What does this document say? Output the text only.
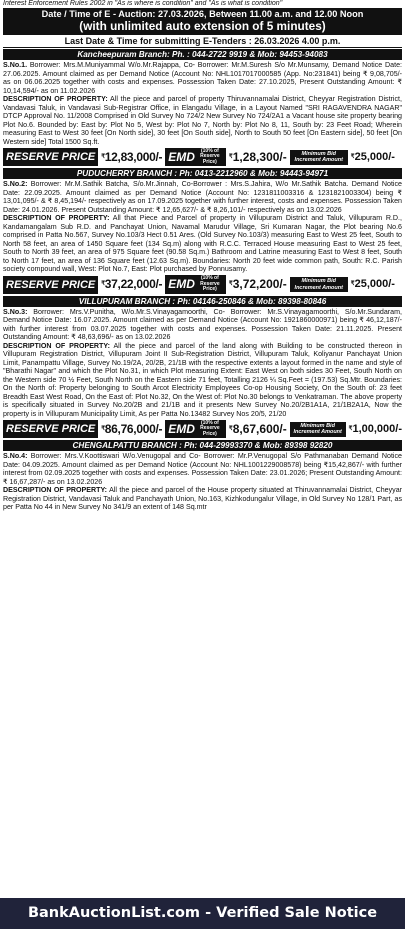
Interest Enforcement Rules 2002 in "As is where is condition" and "As is what is condition"
Date / Time of E - Auction: 27.03.2026, Between 11.00 a.m. and 12.00 Noon
(with unlimited auto extension of 5 minutes)
Last Date & Time for submitting E-Tenders : 26.03.2026 4.00 p.m.
Kancheepuram Branch: Ph. : 044-2722 9919 & Mob: 94453-94083

S.No.1. Borrower: Mrs.M.Muniyammal W/o.Mr.Rajappa, Co- Borrower: Mr.M.Suresh S/o Mr.Munsamy, Demand Notice Date: 27.06.2025. Amount claimed as per Demand Notice (Account No: NHL1017017000585 (App. No:231841) being ₹ 9,08,705/- as on 06.06.2025 together with costs and expenses. Possession Taken Date: 27.10.2025, Present Outstanding Amount: ₹ 10,14,594/- as on 11.02.2026

DESCRIPTION OF PROPERTY: All the piece and parcel of property Thiruvannamalai District, Cheyyar Registration District, Vandavasi Taluk, in Vandavasi Sub-Registrar Office, in Elangadu Village, in a Layout Named "SRI RAGAVENDRA NAGAR" DTCP Approval No. 11/2008 Comprised in Old Survey No 724/2 New Survey No 724/2A1 a Vacant house site property bearing Plot No.6. Bounded by: East by: Plot No 5, West by: Plot No 7, North by: Plot No 8, 11, South by: 23 Feet Road; Wherein measuring East to West 30 feet [On North side], 30 feet [On South side], North to South 50 feet [On Eastern side], 50 feet [On Western side] Total 1500 Sq.ft.

RESERVE PRICE	₹12,83,000/- EMD	(10% of Reserve Price)
₹1,28,300/-	Minimum Bid Increment Amount
₹25,000/-
PUDUCHERRY BRANCH : Ph: 0413-2212960 & Mob: 94443-94971

S.No.2: Borrower: Mr.M.Sathik Batcha, S/o.Mr.Jinnah, Co-Borrower : Mrs.S.Jahira, W/o Mr.Sathik Batcha. Demand Notice Date: 22.09.2025. Amount claimed as per Demand Notice (Account No: 1231811003316 & 1231821003304) being ₹ 13,01,095/- & ₹ 8,45,194/- respectively as on 17.09.2025 together with further interest, costs and expenses. Possession Taken Date: 24.01.2026. Present Outstanding Amount: ₹ 12,65,627/- & ₹ 8,26,101/- respectively as on 13.02.2026

DESCRIPTION OF PROPERTY: All that Piece and Parcel of property in Villupuram District and Taluk, Villupuram R.D., Kandamangalam Sub R.D. and Panchayat Union, Navamal Marudur Village, Sri Kumaran Nagar, the Plot bearing No.6 comprised in Patta No.567, Survey No.103/3 Hect 0.51 Ares. (Old Survey No.103/3) measuring East to West 25 feet, South to North 58 feet, an area of 1450 Square feet (134 Sq.m) along with R.C.C. Terraced House measuring East to West 25 feet, South to North 39 feet, an area of 975 Square feet (90.58 Sq.m.) Bathroom and Latrine measuring East to West 8 feet, South to North 17 feet, an area of 136 Square feet (12.63 Sq.m). Boundaries: North 20 feet wide common path, South: R.C. Parish society compound wall, West: Plot No.7, East: Plot purchased by Ponnusamy.

RESERVE PRICE	₹37,22,000/- EMD	(10% of Reserve Price)
₹3,72,200/-	Minimum Bid Increment Amount
₹25,000/-
VILLUPURAM BRANCH : Ph: 04146-250846 & Mob: 89398-80846

S.No.3: Borrower: Mrs.V.Punitha, W/o.Mr.S.Vinayagamoorthi, Co- Borrower: Mr.S.Vinayagamoorthi, S/o.Mr.Sundaram, Demand Notice Date: 16.07.2025. Amount claimed as per Demand Notice (Account No: 1921860000971) being ₹ 46,12,187/- with further interest from 03.07.2025 together with costs and expenses. Possession Taken Date: 21.11.2025. Present Outstanding Amount: ₹ 48,63,696/- as on 13.02.2026

DESCRIPTION OF PROPERTY: All the piece and parcel of the land along with Building to be constructed thereon in Villupuram Registration District, Villupuram Joint II Sub-Registration District, Villupuram Taluk, Koliyanur Panchayat Union Limit, Panampattu Village, Survey No.19/2A, 20/2B, 21/1B with the respective extents a layout formed in the name and style of "Bharathi Nagar" and which the Plot No.31, in which Plot measuring Extent: East West on both sides 30 Feet, South North on the Western side 70 ½ Feet, South North on the Eastern side 71 feet, Totalling 2126 ¼ Sq.Feet = (197.53) Sq.Mtr. Boundaries: On the North of: Property belonging to South Arcot Electricity Employees Co-op Housing Society, On the South of: 23 feet Breadth East West Road, On the East of: Plot No.32, On the West of: Plot No.30 belongs to Venkatraman. The above property is specifically situated in Survey No.20/2B and 21/1B and it presents New Survey No.20/2B1A1A, 21/1B2A1A, Now the property is in Villupuram Municipality Limit, As per Patta No.13482 Survey Nos 20/5, 21/20

RESERVE PRICE	₹86,76,000/- EMD	(10% of Reserve Price)
₹8,67,600/-	Minimum Bid Increment Amount
₹1,00,000/-
CHENGALPATTU BRANCH : Ph: 044-29993370 & Mob: 89398 92820

S.No.4: Borrower: Mrs.V.Koottiswari W/o.Venugopal and Co- Borrower: Mr.P.Venugopal S/o Pathmanaban Demand Notice Date: 04.09.2025. Amount claimed as per Demand Notice (Account No: NHL1001229008578) being ₹15,42,867/- with further interest from 02.09.2025 together with costs and expenses. Possession Taken Date: 23.01.2026; Present Outstanding Amount: ₹ 16,67,287/- as on 13.02.2026

DESCRIPTION OF PROPERTY: All the piece and parcel of the House property situated at Thiruvannamalai District, Cheyyar Registration District, Vandavasi Taluk and Panchayath Union, No.163, Kizhkodungalur Village, in Old Survey No 128/1 Part, as per Patta No 44 in New Survey No 341/9 an extent of 148 Sq.mtr

BankAuctionList.com - Verified Sale Notice
